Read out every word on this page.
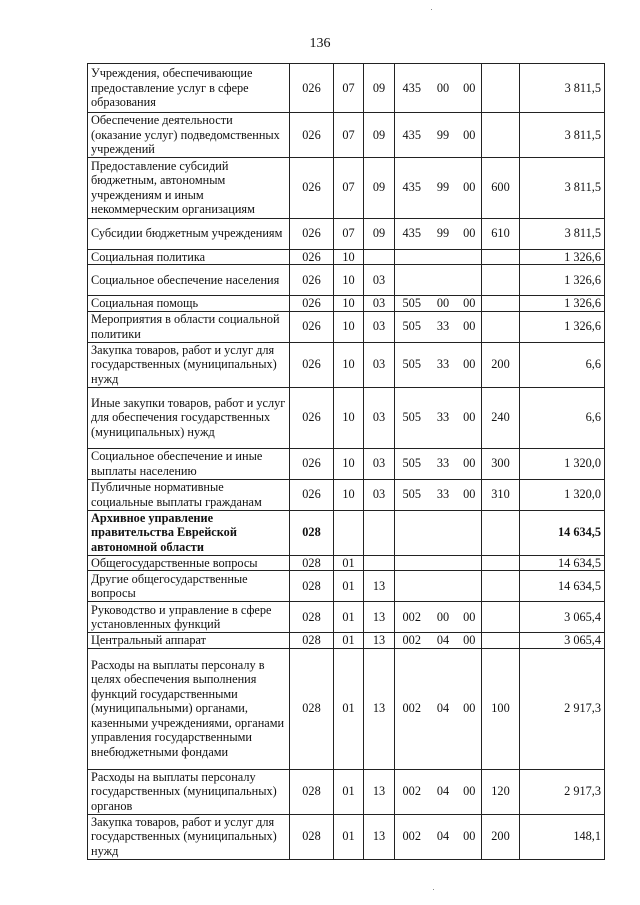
136
Учреждения, обеспечивающие предоставление услуг в сфере образования	026	07	09	435	00	00		3 811,5
Обеспечение деятельности (оказание услуг) подведомственных учреждений	026	07	09	435	99	00		3 811,5
Предоставление субсидий бюджетным, автономным учреждениям и иным некоммерческим организациям	026	07	09	435	99	00	600	3 811,5
Субсидии бюджетным учреждениям	026	07	09	435	99	00	610	3 811,5
Социальная политика	026	10						1 326,6
Социальное обеспечение населения	026	10	03					1 326,6
Социальная помощь	026	10	03	505	00	00		1 326,6
Мероприятия в области социальной политики	026	10	03	505	33	00		1 326,6
Закупка товаров, работ и услуг для государственных (муниципальных) нужд	026	10	03	505	33	00	200	6,6
Иные закупки товаров, работ и услуг для обеспечения государственных (муниципальных) нужд	026	10	03	505	33	00	240	6,6
Социальное обеспечение и иные выплаты населению	026	10	03	505	33	00	300	1 320,0
Публичные нормативные социальные выплаты гражданам	026	10	03	505	33	00	310	1 320,0
Архивное управление правительства Еврейской автономной области	028							14 634,5
Общегосударственные вопросы	028	01						14 634,5
Другие общегосударственные вопросы	028	01	13					14 634,5
Руководство и управление в сфере установленных функций	028	01	13	002	00	00		3 065,4
Центральный аппарат	028	01	13	002	04	00		3 065,4
Расходы на выплаты персоналу в целях обеспечения выполнения функций государственными (муниципальными) органами, казенными учреждениями, органами управления государственными внебюджетными фондами	028	01	13	002	04	00	100	2 917,3
Расходы на выплаты персоналу государственных (муниципальных) органов	028	01	13	002	04	00	120	2 917,3
Закупка товаров, работ и услуг для государственных (муниципальных) нужд	028	01	13	002	04	00	200	148,1
